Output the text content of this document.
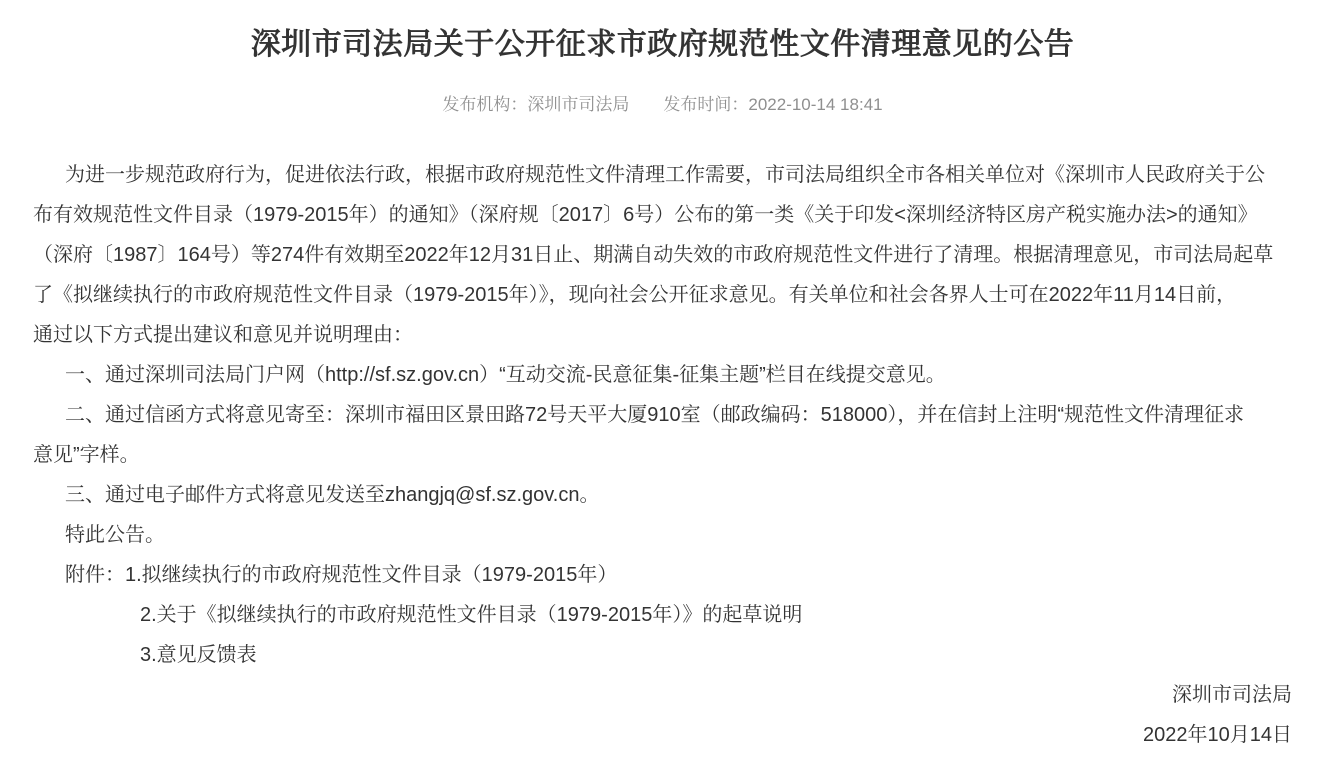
深圳市司法局关于公开征求市政府规范性文件清理意见的公告
发布机构：深圳市司法局 发布时间：2022-10-14 18:41
为进一步规范政府行为，促进依法行政，根据市政府规范性文件清理工作需要，市司法局组织全市各相关单位对《深圳市人民政府关于公
布有效规范性文件目录（1979-2015年）的通知》（深府规〔2017〕6号）公布的第一类《关于印发<深圳经济特区房产税实施办法>的通知》
（深府〔1987〕164号）等274件有效期至2022年12月31日止、期满自动失效的市政府规范性文件进行了清理。根据清理意见，市司法局起草
了《拟继续执行的市政府规范性文件目录（1979-2015年）》，现向社会公开征求意见。有关单位和社会各界人士可在2022年11月14日前，
通过以下方式提出建议和意见并说明理由：
一、通过深圳司法局门户网（http://sf.sz.gov.cn）“互动交流-民意征集-征集主题”栏目在线提交意见。
二、通过信函方式将意见寄至：深圳市福田区景田路72号天平大厦910室（邮政编码：518000），并在信封上注明“规范性文件清理征求
意见”字样。
三、通过电子邮件方式将意见发送至zhangjq@sf.sz.gov.cn。
特此公告。
附件：1.拟继续执行的市政府规范性文件目录（1979-2015年）
2.关于《拟继续执行的市政府规范性文件目录（1979-2015年）》的起草说明
3.意见反馈表
深圳市司法局
2022年10月14日
